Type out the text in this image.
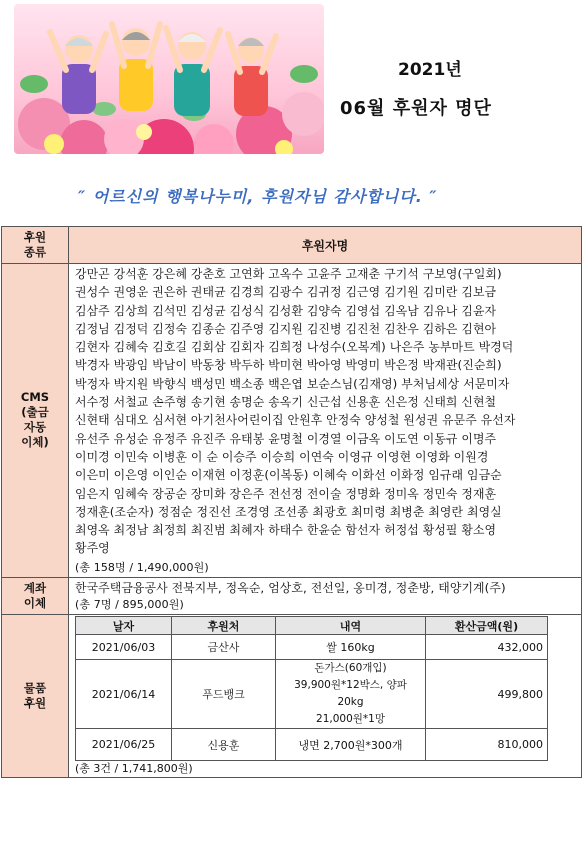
2021년
06월 후원자 명단
″ 어르신의 행복나누미, 후원자님 감사합니다. ″
후원
종류	후원자명
CMS
(출금
자동
이체)	
강만곤 강석훈 강은혜 강춘호 고연화 고옥수 고윤주 고재춘 구기석 구보영(구일회)
권성수 권영운 권은하 권태균 김경희 김광수 김귀정 김근영 김기원 김미란 김보금
김삼주 김상희 김석민 김성균 김성식 김성환 김양숙 김영섭 김옥남 김유나 김윤자
김정님 김정덕 김정숙 김종순 김주영 김지원 김진병 김진천 김찬우 김하은 김현아
김현자 김혜숙 김호길 김회삼 김회자 김희정 나성수(오복계) 나은주 농부마트 박경덕
박경자 박광임 박남이 박동창 박두하 박미현 박아영 박영미 박은정 박재관(진순희)
박정자 박지원 박향식 백성민 백소종 백은엽 보순스님(김재영) 부처님세상 서문미자
서수정 서철교 손주형 송기현 송명순 송옥기 신근섭 신용훈 신은정 신태희 신현철
신현태 심대오 심서현 아기천사어린이집 안원후 안정숙 양성철 원성권 유문주 유선자
유선주 유성순 유정주 유진주 유태봉 윤명철 이경열 이금옥 이도연 이동규 이명주
이미경 이민숙 이병훈 이 순 이승주 이승희 이연숙 이영규 이영현 이영화 이원경
이은미 이은영 이인순 이재현 이정훈(이복동) 이혜숙 이화선 이화정 임규래 임금순
임은지 임혜숙 장공순 장미화 장은주 전선정 전이술 정명화 정미옥 정민숙 정재훈
정재훈(조순자) 정점순 정진선 조경영 조선종 최광호 최미령 최병춘 최영란 최영실
최영옥 최정남 최정희 최진범 최혜자 하태수 한윤순 함선자 허정섭 황성필 황소영
황주영
(총 158명 / 1,490,000원)

계좌
이체	
한국주택금융공사 전북지부, 정옥순, 엄상호, 전선일, 옹미경, 정춘방, 태양기계(주)
(총 7명 / 895,000원)

물품
후원	
날자	후원처	내역	환산금액(원)
2021/06/03	금산사	쌀 160kg	432,000
2021/06/14	푸드뱅크	돈가스(60개입)
39,900원*12박스, 양파 20kg
21,000원*1망	499,800
2021/06/25	신용훈	냉면 2,700원*300개	810,000
(총 3건 / 1,741,800원)
